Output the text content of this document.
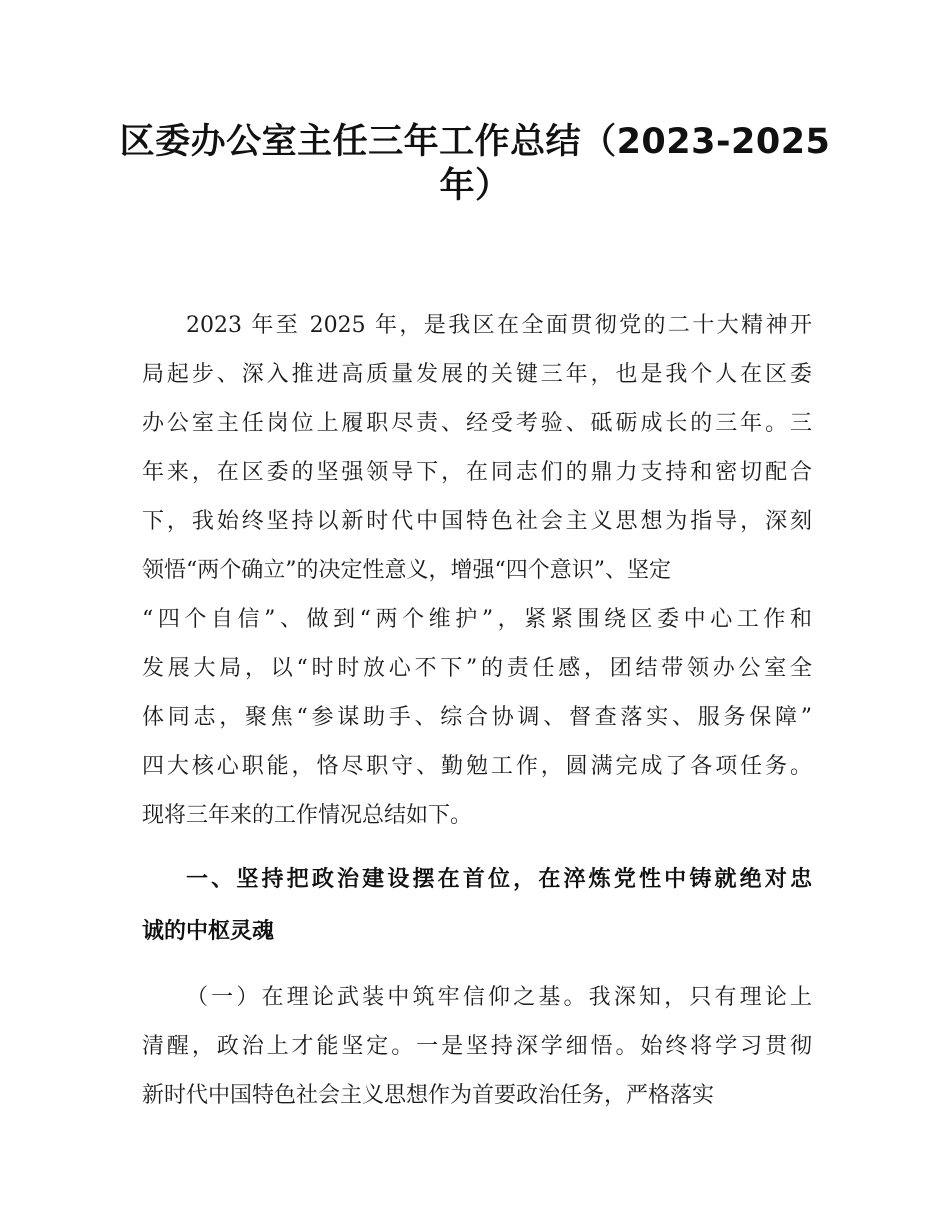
区委办公室主任三年工作总结（2023-2025
年）
2023 年至 2025 年，是我区在全面贯彻党的二十大精神开
局起步、深入推进高质量发展的关键三年，也是我个人在区委
办公室主任岗位上履职尽责、经受考验、砥砺成长的三年。三
年来，在区委的坚强领导下，在同志们的鼎力支持和密切配合
下，我始终坚持以新时代中国特色社会主义思想为指导，深刻
领悟“两个确立”的决定性意义，增强“四个意识”、坚定
“四个自信”、做到“两个维护”，紧紧围绕区委中心工作和
发展大局，以“时时放心不下”的责任感，团结带领办公室全
体同志，聚焦“参谋助手、综合协调、督查落实、服务保障”
四大核心职能，恪尽职守、勤勉工作，圆满完成了各项任务。
现将三年来的工作情况总结如下。
一、坚持把政治建设摆在首位，在淬炼党性中铸就绝对忠
诚的中枢灵魂
（一）在理论武装中筑牢信仰之基。我深知，只有理论上
清醒，政治上才能坚定。一是坚持深学细悟。始终将学习贯彻
新时代中国特色社会主义思想作为首要政治任务，严格落实
